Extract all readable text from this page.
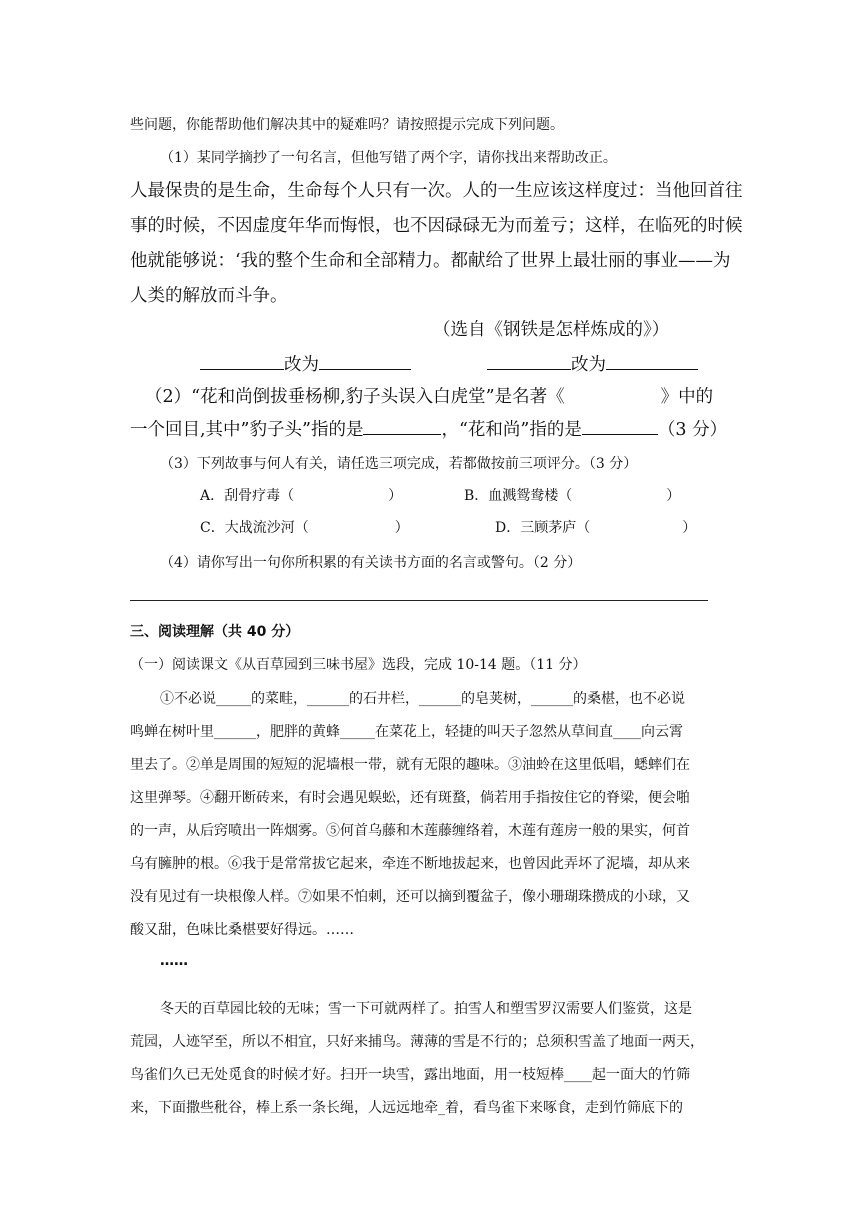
些问题，你能帮助他们解决其中的疑难吗？请按照提示完成下列问题。
（1）某同学摘抄了一句名言，但他写错了两个字，请你找出来帮助改正。
人最保贵的是生命，生命每个人只有一次。人的一生应该这样度过：当他回首往
事的时候，不因虚度年华而悔恨，也不因碌碌无为而羞亏；这样，在临死的时候
他就能够说：‘我的整个生命和全部精力。都献给了世界上最壮丽的事业——为
人类的解放而斗争。
（选自《钢铁是怎样炼成的》）
改为	改为
（2）“花和尚倒拔垂杨柳,豹子头误入白虎堂”是名著《	》中的
一个回目,其中”豹子头”指的是	，“花和尚”指的是	（3 分）
（3）下列故事与何人有关，请任选三项完成，若都做按前三项评分。（3 分）
A．刮骨疗毒（	）	B．血溅鸳鸯楼（	）
C．大战流沙河（	）	D．三顾茅庐（	）
（4）请你写出一句你所积累的有关读书方面的名言或警句。（2 分）
三、阅读理解（共 40 分）
（一）阅读课文《从百草园到三味书屋》选段，完成 10-14 题。（11 分）
①不必说_____的菜畦，______的石井栏，______的皂荚树，______的桑椹，也不必说
鸣蝉在树叶里______，肥胖的黄蜂_____在菜花上，轻捷的叫天子忽然从草间直____向云霄
里去了。②单是周围的短短的泥墙根一带，就有无限的趣味。③油蛉在这里低唱，蟋蟀们在
这里弹琴。④翻开断砖来，有时会遇见蜈蚣，还有斑蝥，倘若用手指按住它的脊梁，便会啪
的一声，从后窍喷出一阵烟雾。⑤何首乌藤和木莲藤缠络着，木莲有莲房一般的果实，何首
乌有臃肿的根。⑥我于是常常拔它起来，牵连不断地拔起来，也曾因此弄坏了泥墙，却从来
没有见过有一块根像人样。⑦如果不怕刺，还可以摘到覆盆子，像小珊瑚珠攒成的小球，又
酸又甜，色味比桑椹要好得远。……
……
冬天的百草园比较的无味；雪一下可就两样了。拍雪人和塑雪罗汉需要人们鉴赏，这是
荒园，人迹罕至，所以不相宜，只好来捕鸟。薄薄的雪是不行的；总须积雪盖了地面一两天，
鸟雀们久已无处觅食的时候才好。扫开一块雪，露出地面，用一枝短棒____起一面大的竹筛
来，下面撒些秕谷，棒上系一条长绳，人远远地牵_着，看鸟雀下来啄食，走到竹筛底下的
